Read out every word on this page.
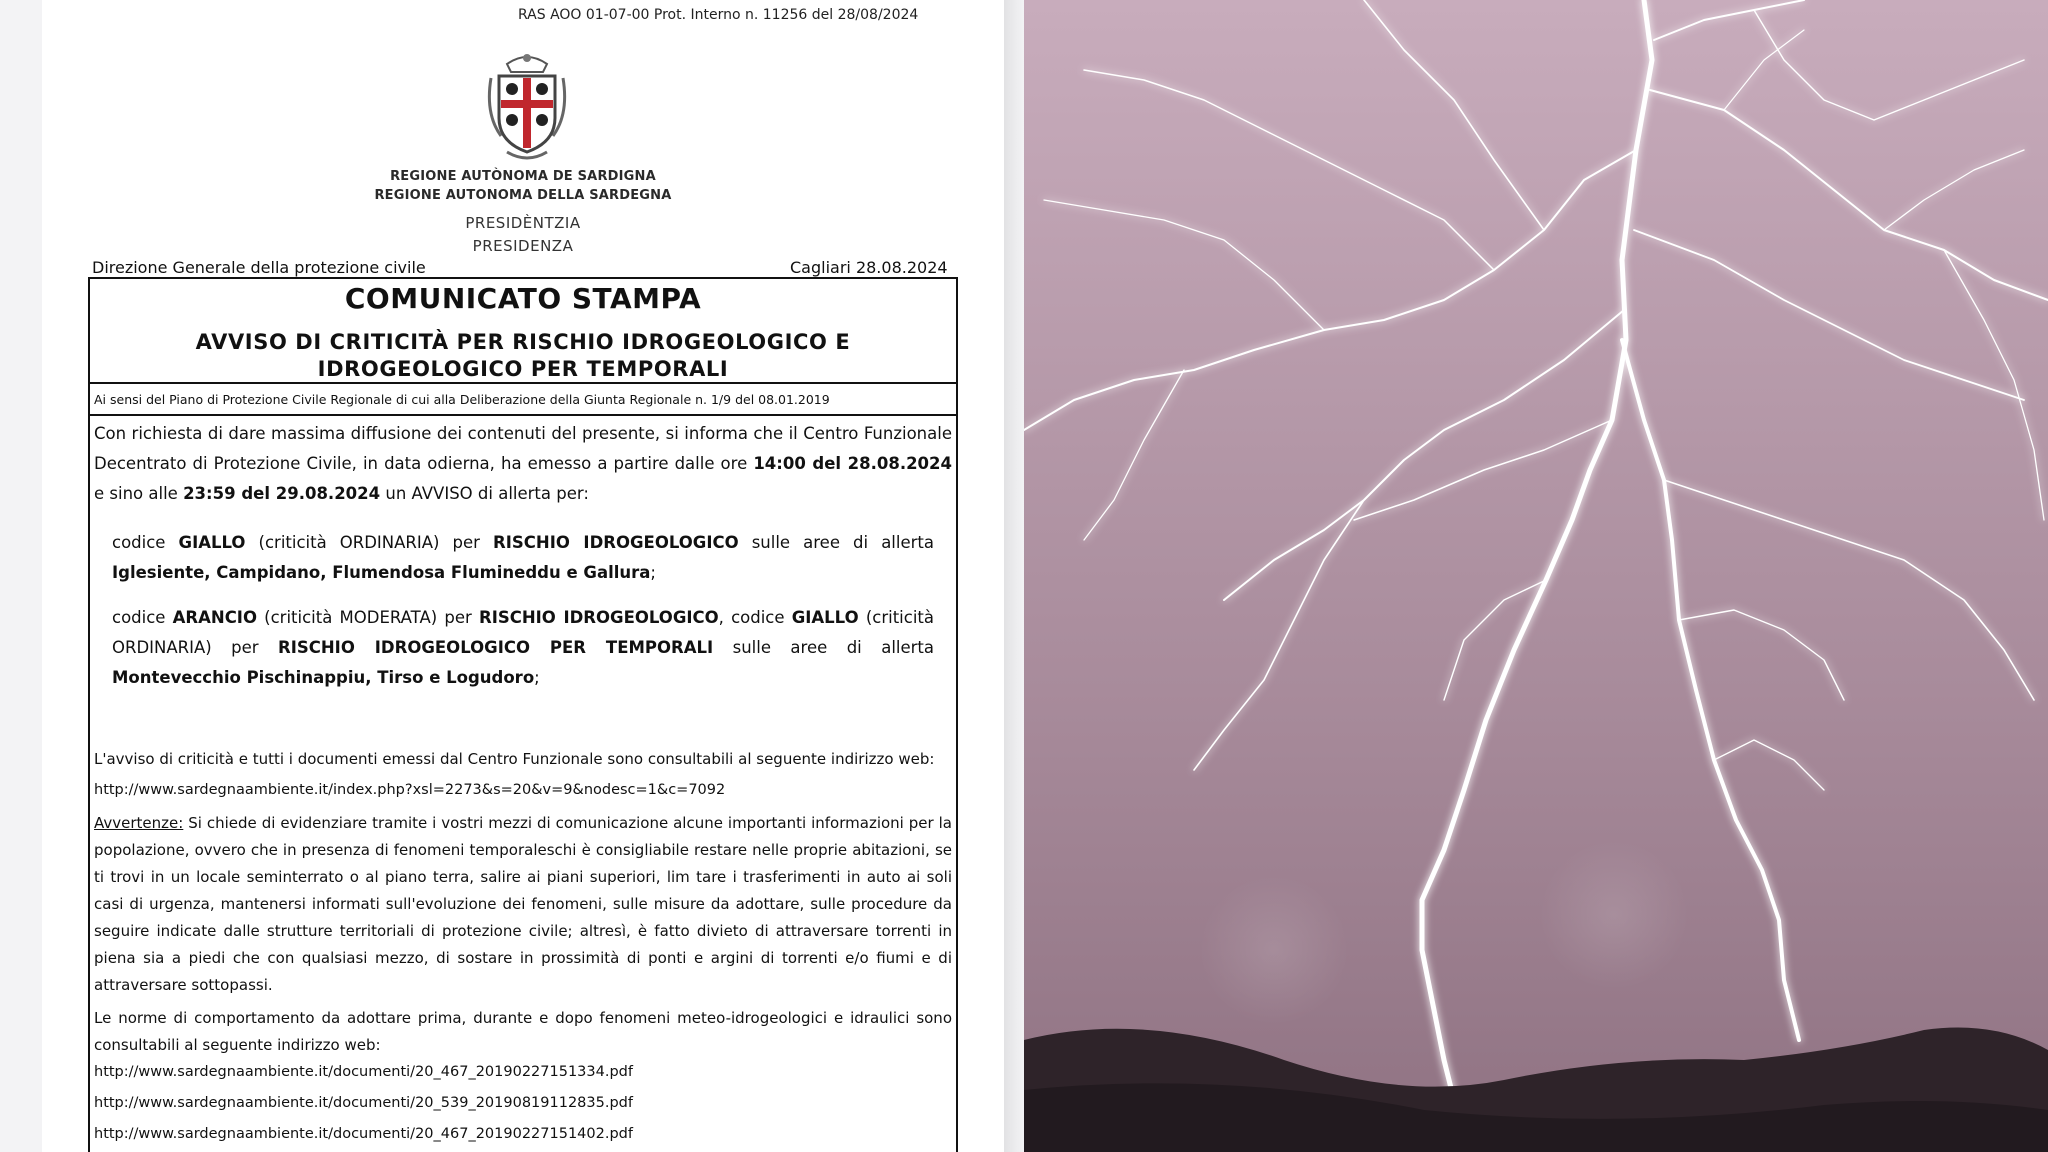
RAS AOO 01-07-00 Prot. Interno n. 11256 del 28/08/2024
REGIONE AUTÒNOMA DE SARDIGNA
REGIONE AUTONOMA DELLA SARDEGNA
PRESIDÈNTZIA
PRESIDENZA
Direzione Generale della protezione civile	Cagliari 28.08.2024
COMUNICATO STAMPA
AVVISO DI CRITICITÀ PER RISCHIO IDROGEOLOGICO E
IDROGEOLOGICO PER TEMPORALI
Ai sensi del Piano di Protezione Civile Regionale di cui alla Deliberazione della Giunta Regionale n. 1/9 del 08.01.2019

Con richiesta di dare massima diffusione dei contenuti del presente, si informa che il Centro Funzionale Decentrato di Protezione Civile, in data odierna, ha emesso a partire dalle ore 14:00 del 28.08.2024 e sino alle 23:59 del 29.08.2024 un AVVISO di allerta per:

codice GIALLO (criticità ORDINARIA) per RISCHIO IDROGEOLOGICO sulle aree di allerta Iglesiente, Campidano, Flumendosa Flumineddu e Gallura;

codice ARANCIO (criticità MODERATA) per RISCHIO IDROGEOLOGICO, codice GIALLO (criticità ORDINARIA) per RISCHIO IDROGEOLOGICO PER TEMPORALI sulle aree di allerta Montevecchio Pischinappiu, Tirso e Logudoro;

L'avviso di criticità e tutti i documenti emessi dal Centro Funzionale sono consultabili al seguente indirizzo web:
http://www.sardegnaambiente.it/index.php?xsl=2273&s=20&v=9&nodesc=1&c=7092

Avvertenze: Si chiede di evidenziare tramite i vostri mezzi di comunicazione alcune importanti informazioni per la popolazione, ovvero che in presenza di fenomeni temporaleschi è consigliabile restare nelle proprie abitazioni, se ti trovi in un locale seminterrato o al piano terra, salire ai piani superiori, lim tare i trasferimenti in auto ai soli casi di urgenza, mantenersi informati sull'evoluzione dei fenomeni, sulle misure da adottare, sulle procedure da seguire indicate dalle strutture territoriali di protezione civile; altresì, è fatto divieto di attraversare torrenti in piena sia a piedi che con qualsiasi mezzo, di sostare in prossimità di ponti e argini di torrenti e/o fiumi e di attraversare sottopassi.

Le norme di comportamento da adottare prima, durante e dopo fenomeni meteo-idrogeologici e idraulici sono consultabili al seguente indirizzo web:

http://www.sardegnaambiente.it/documenti/20_467_20190227151334.pdf
http://www.sardegnaambiente.it/documenti/20_539_20190819112835.pdf
http://www.sardegnaambiente.it/documenti/20_467_20190227151402.pdf
